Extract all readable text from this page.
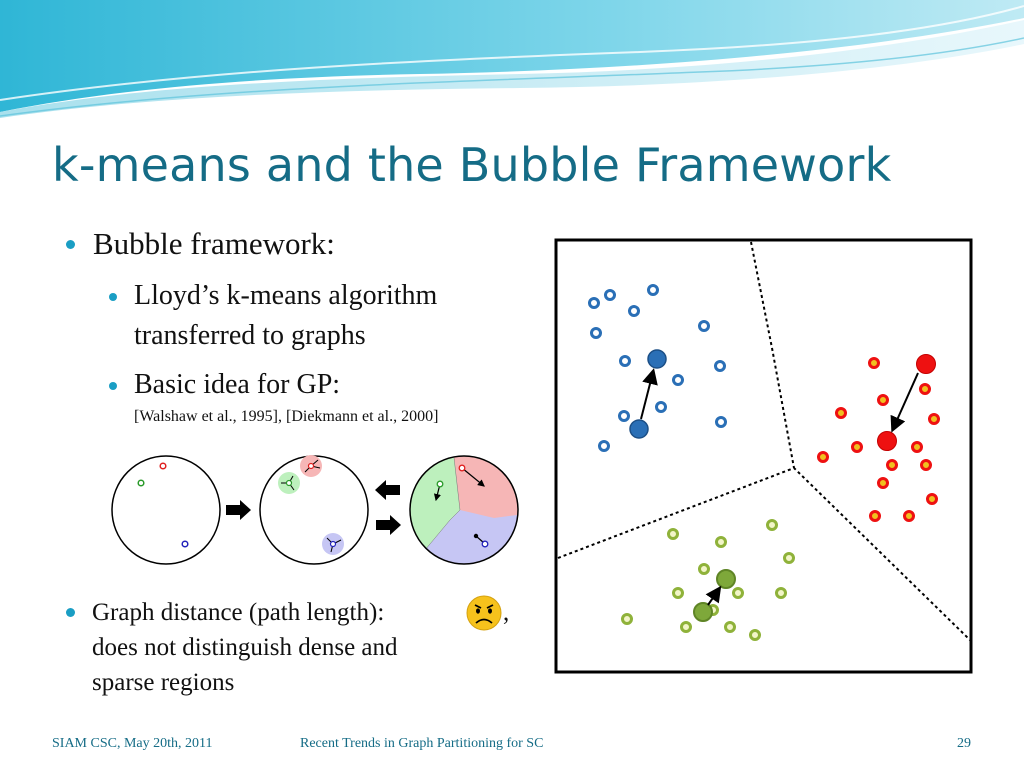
k-means and the Bubble Framework
Bubble framework:
Lloyd’s k-means algorithm
transferred to graphs
Basic idea for GP:
[Walshaw et al., 1995], [Diekmann et al., 2000]
Graph distance (path length):	,
does not distinguish dense and
sparse regions
SIAM CSC, May 20th, 2011	Recent Trends in Graph Partitioning for SC	29
